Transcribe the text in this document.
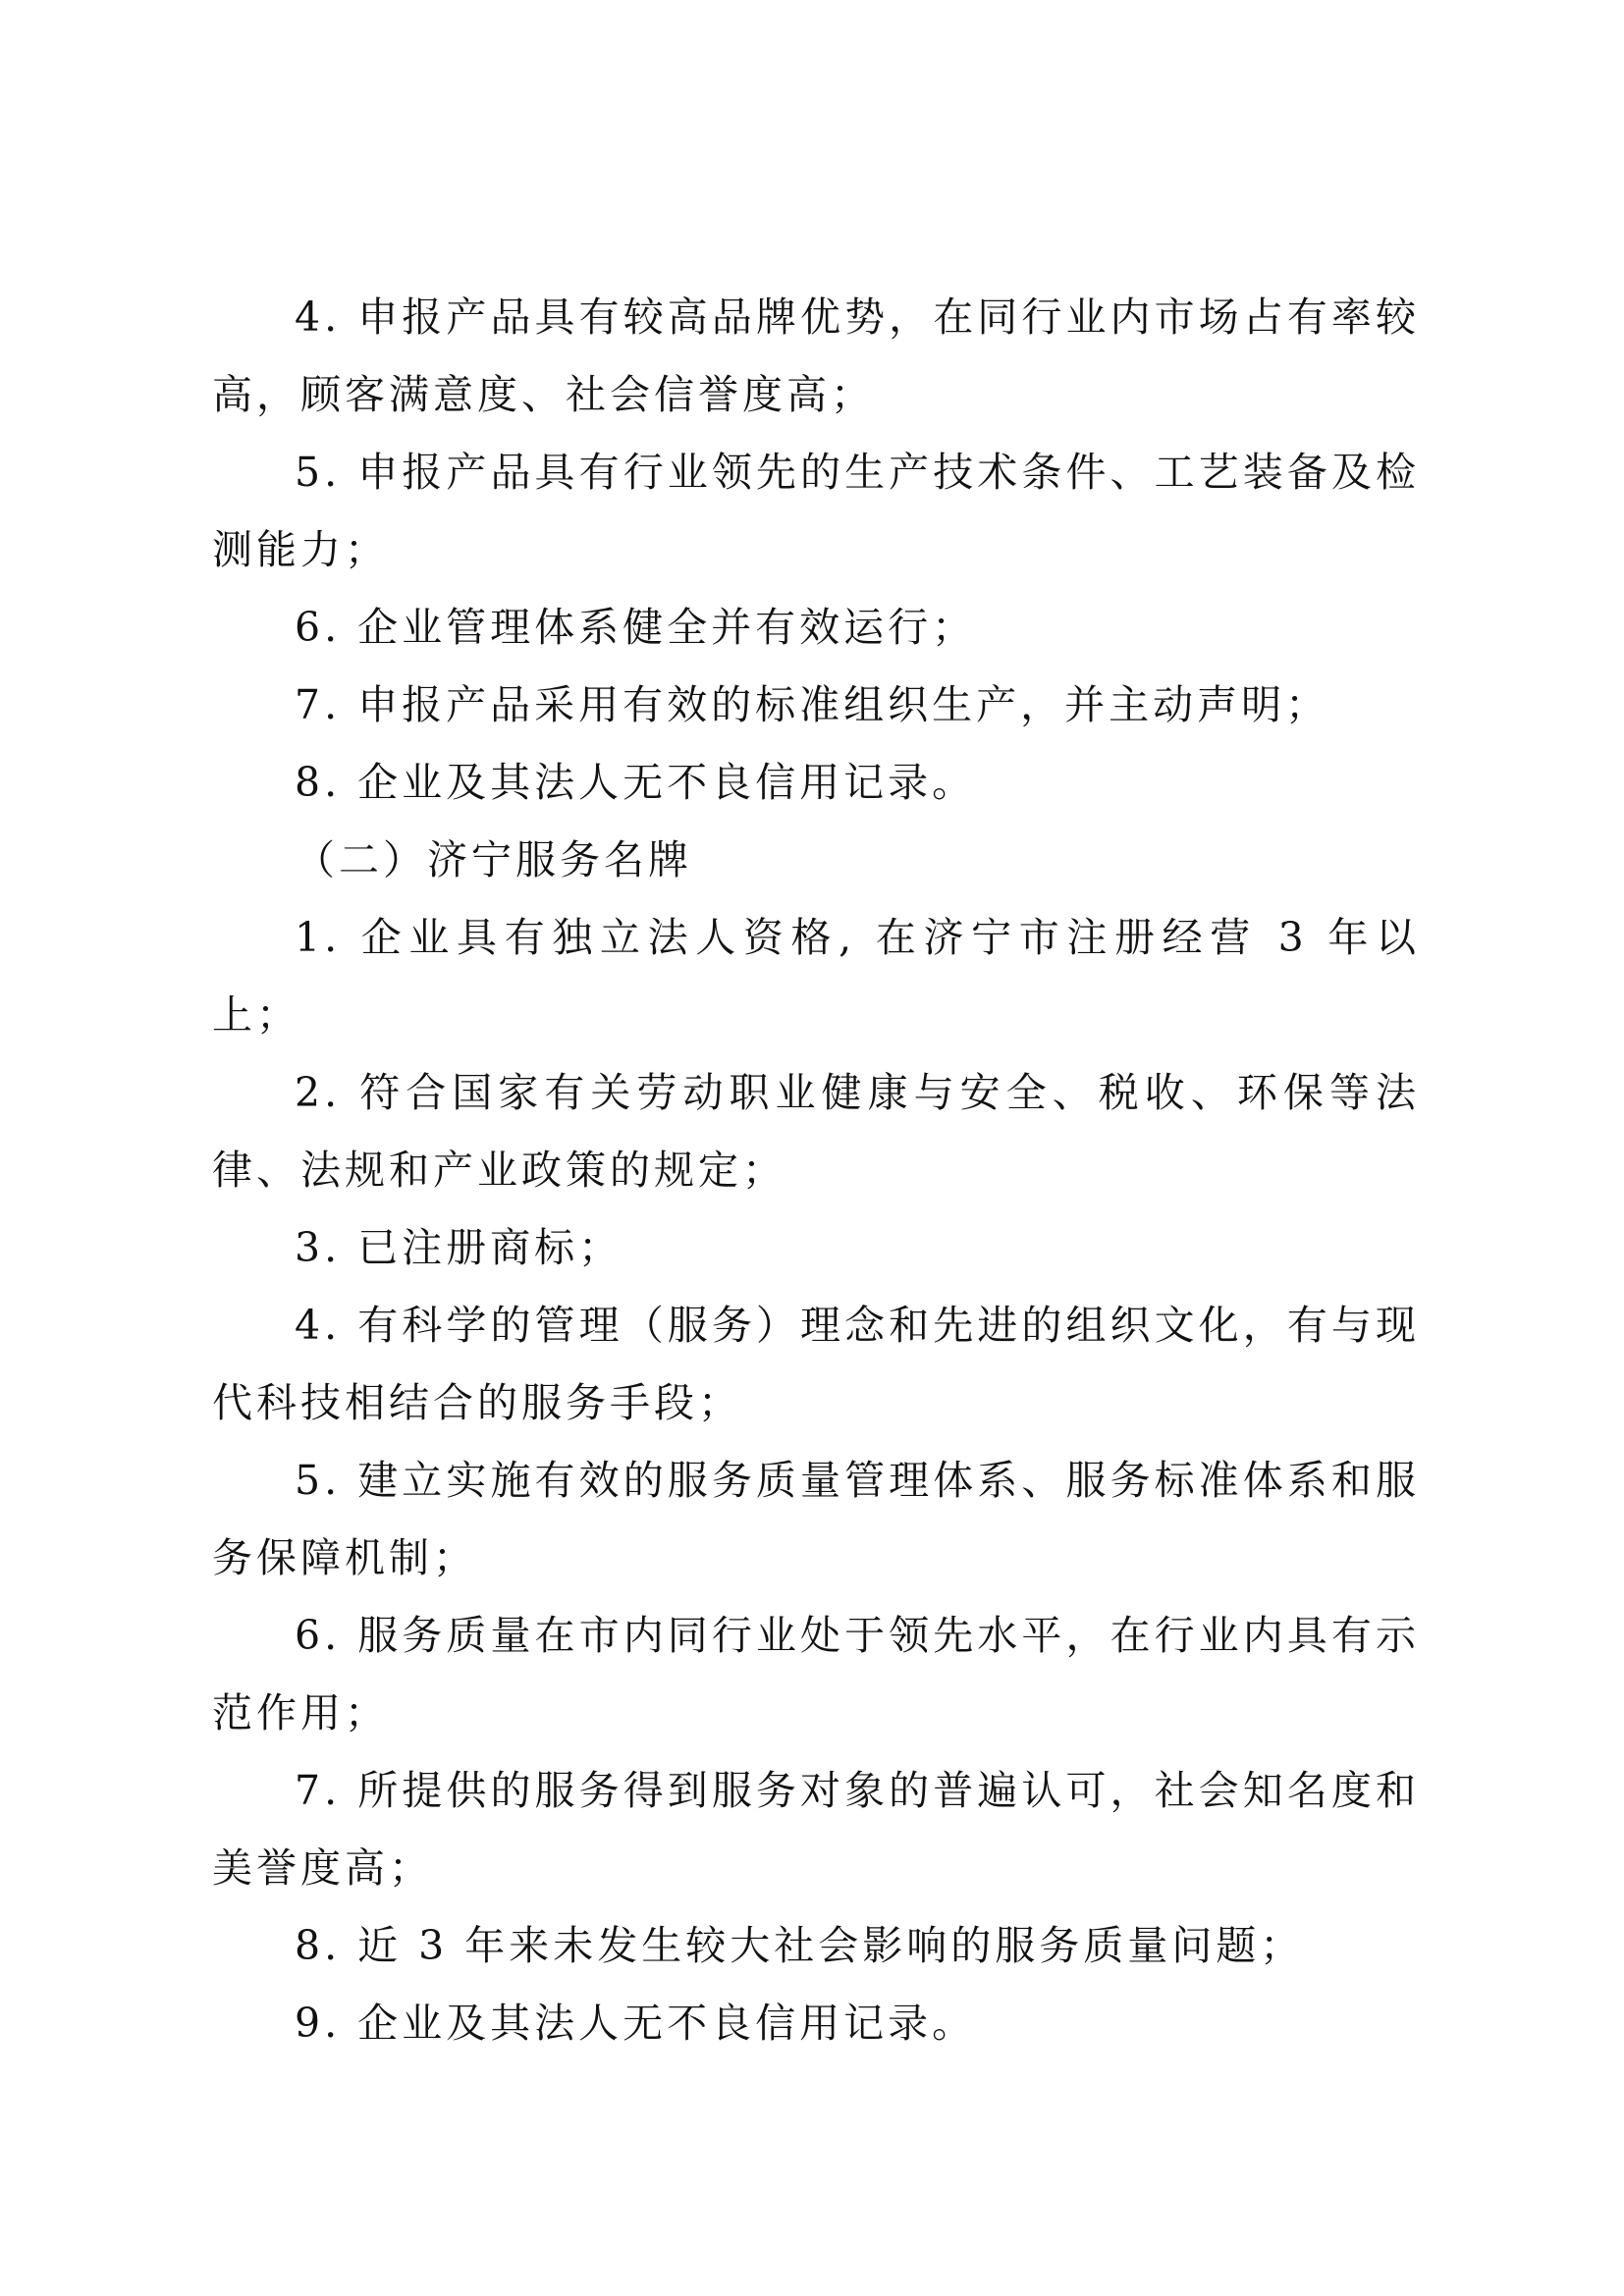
4. 申报产品具有较高品牌优势，在同行业内市场占有率较高，顾客满意度、社会信誉度高；

5. 申报产品具有行业领先的生产技术条件、工艺装备及检测能力；

6. 企业管理体系健全并有效运行；

7. 申报产品采用有效的标准组织生产，并主动声明；

8. 企业及其法人无不良信用记录。

（二）济宁服务名牌

1. 企业具有独立法人资格, 在济宁市注册经营 3 年以上；

2. 符合国家有关劳动职业健康与安全、税收、环保等法律、法规和产业政策的规定；

3. 已注册商标；

4. 有科学的管理（服务）理念和先进的组织文化，有与现代科技相结合的服务手段；

5. 建立实施有效的服务质量管理体系、服务标准体系和服务保障机制；

6. 服务质量在市内同行业处于领先水平，在行业内具有示范作用；

7. 所提供的服务得到服务对象的普遍认可，社会知名度和美誉度高；

8. 近 3 年来未发生较大社会影响的服务质量问题；

9. 企业及其法人无不良信用记录。
